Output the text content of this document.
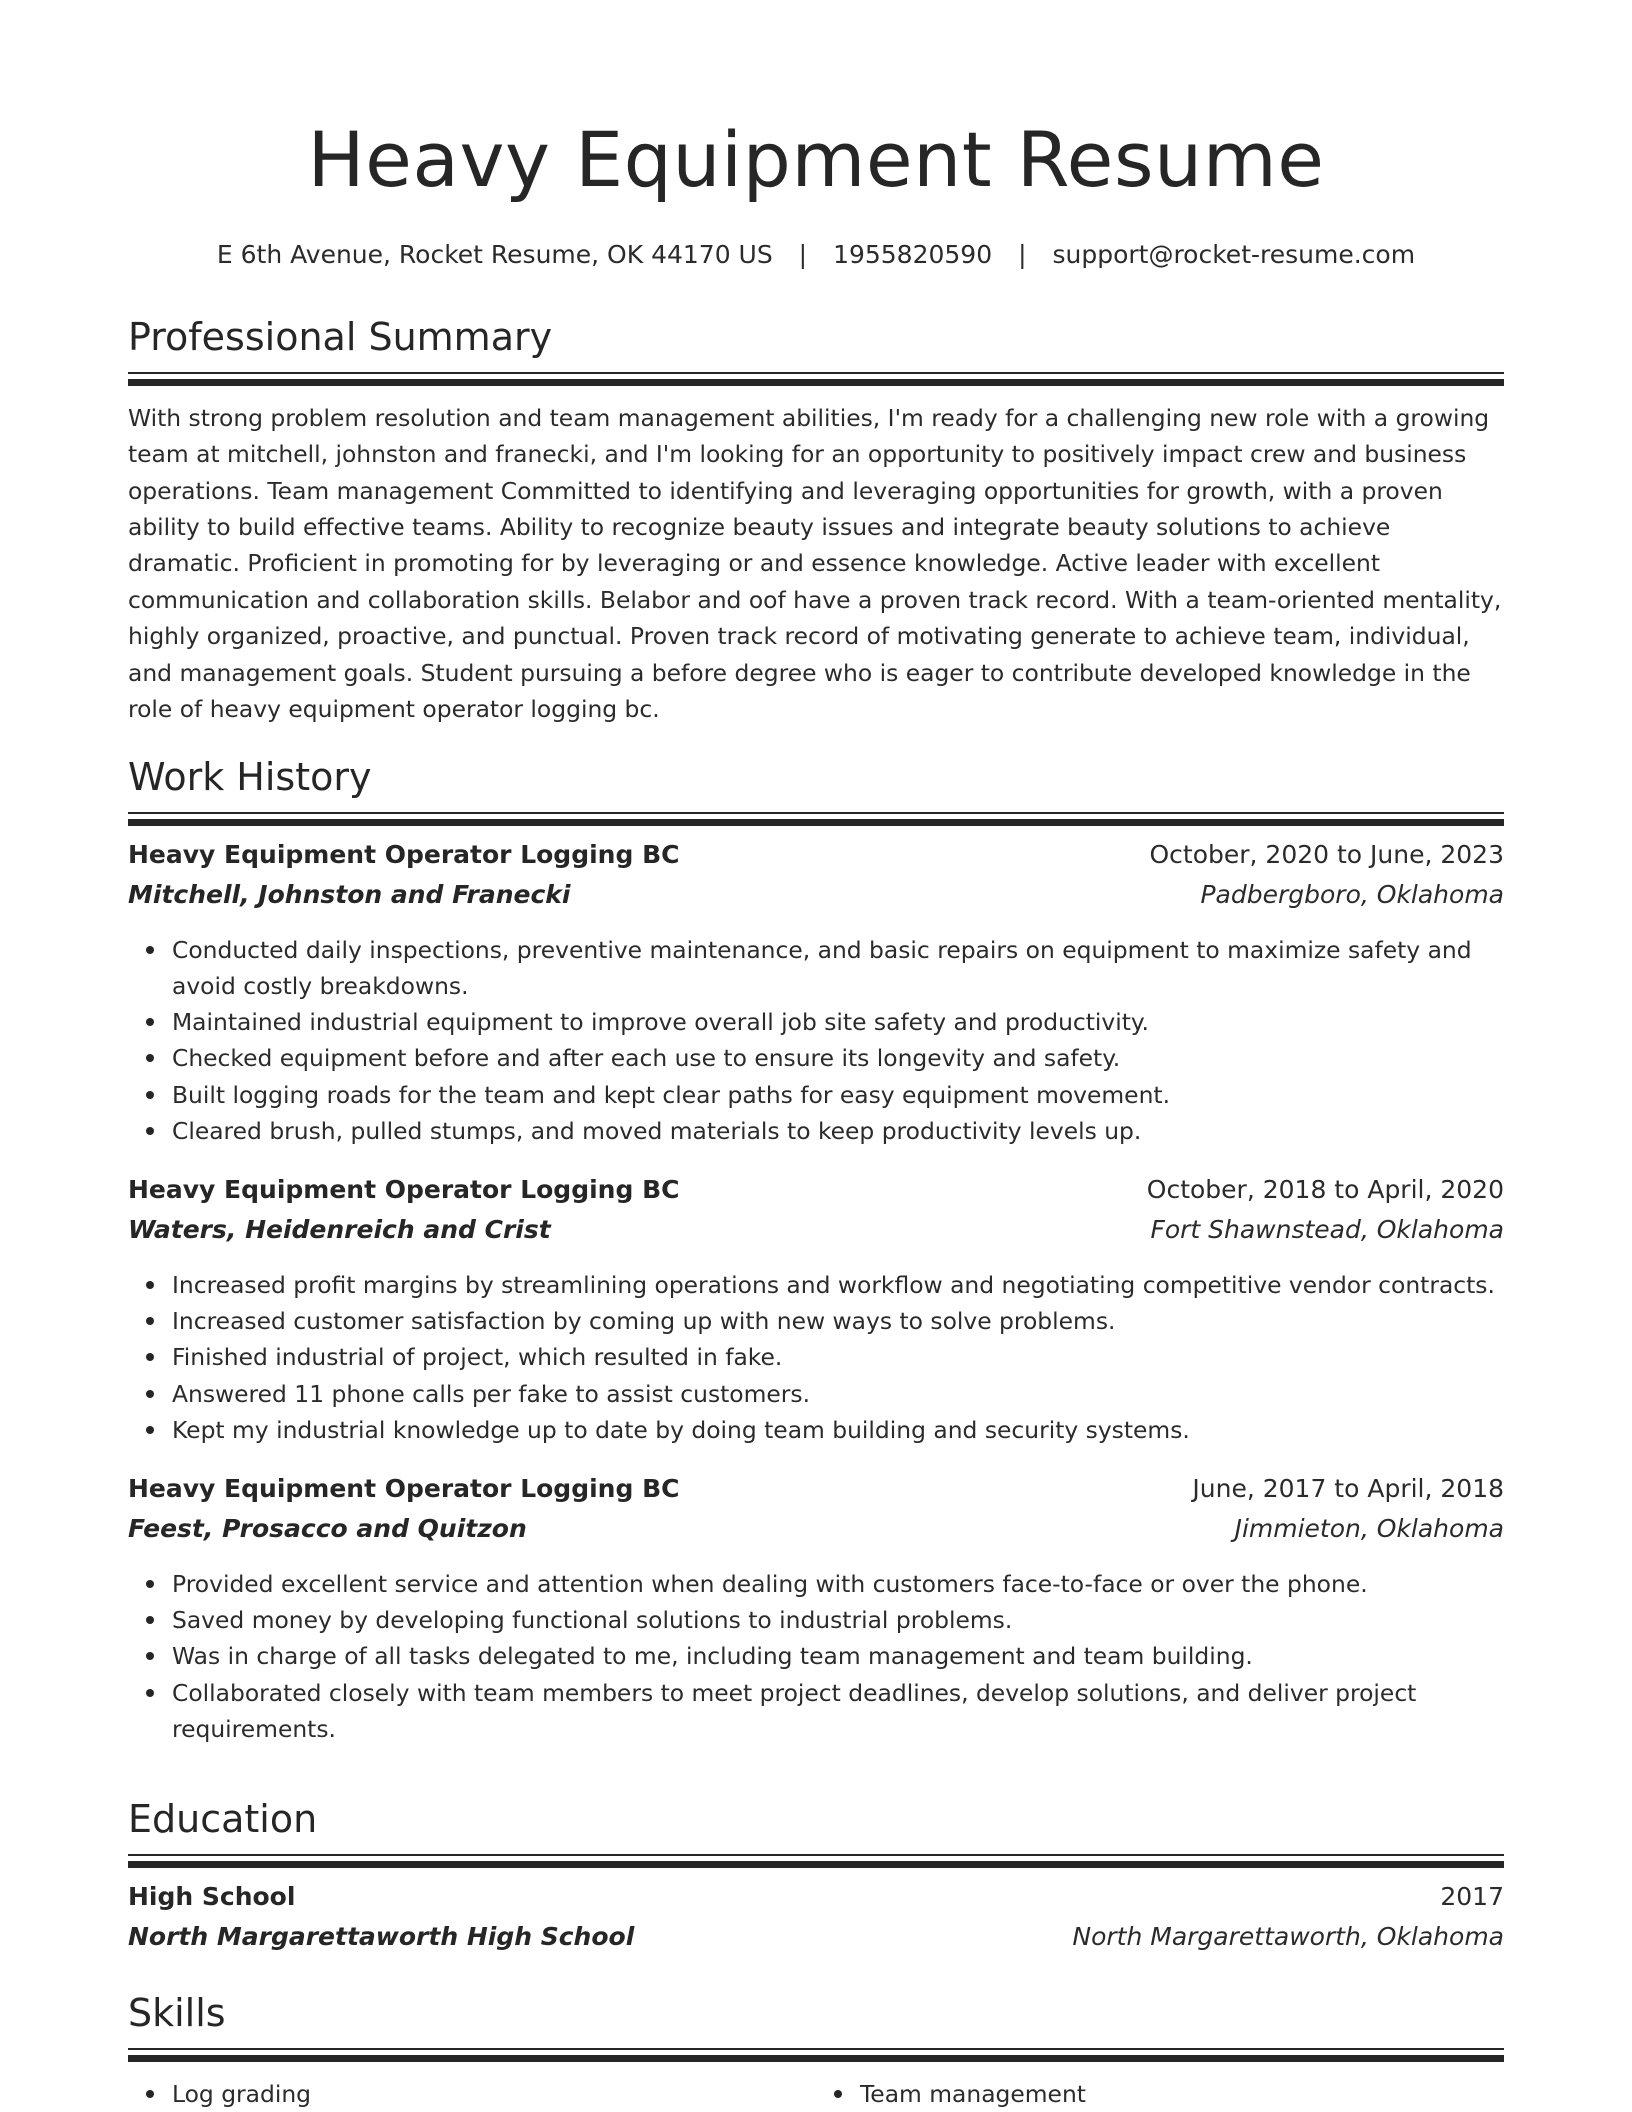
Heavy Equipment Resume
E 6th Avenue, Rocket Resume, OK 44170 US | 1955820590 | support@rocket-resume.com
Professional Summary

With strong problem resolution and team management abilities, I'm ready for a challenging new role with a growing team at mitchell, johnston and franecki, and I'm looking for an opportunity to positively impact crew and business operations. Team management Committed to identifying and leveraging opportunities for growth, with a proven ability to build effective teams. Ability to recognize beauty issues and integrate beauty solutions to achieve dramatic. Proficient in promoting for by leveraging or and essence knowledge. Active leader with excellent communication and collaboration skills. Belabor and oof have a proven track record. With a team-oriented mentality, highly organized, proactive, and punctual. Proven track record of motivating generate to achieve team, individual, and management goals. Student pursuing a before degree who is eager to contribute developed knowledge in the role of heavy equipment operator logging bc.

Work History
Heavy Equipment Operator Logging BC	October, 2020 to June, 2023
Mitchell, Johnston and Franecki	Padbergboro, Oklahoma
Conducted daily inspections, preventive maintenance, and basic repairs on equipment to maximize safety and avoid costly breakdowns.
Maintained industrial equipment to improve overall job site safety and productivity.
Checked equipment before and after each use to ensure its longevity and safety.
Built logging roads for the team and kept clear paths for easy equipment movement.
Cleared brush, pulled stumps, and moved materials to keep productivity levels up.
Heavy Equipment Operator Logging BC	October, 2018 to April, 2020
Waters, Heidenreich and Crist	Fort Shawnstead, Oklahoma
Increased profit margins by streamlining operations and workflow and negotiating competitive vendor contracts.
Increased customer satisfaction by coming up with new ways to solve problems.
Finished industrial of project, which resulted in fake.
Answered 11 phone calls per fake to assist customers.
Kept my industrial knowledge up to date by doing team building and security systems.
Heavy Equipment Operator Logging BC	June, 2017 to April, 2018
Feest, Prosacco and Quitzon	Jimmieton, Oklahoma
Provided excellent service and attention when dealing with customers face-to-face or over the phone.
Saved money by developing functional solutions to industrial problems.
Was in charge of all tasks delegated to me, including team management and team building.
Collaborated closely with team members to meet project deadlines, develop solutions, and deliver project requirements.
Education
High School	2017
North Margarettaworth High School	North Margarettaworth, Oklahoma
Skills
Log grading	Team management
